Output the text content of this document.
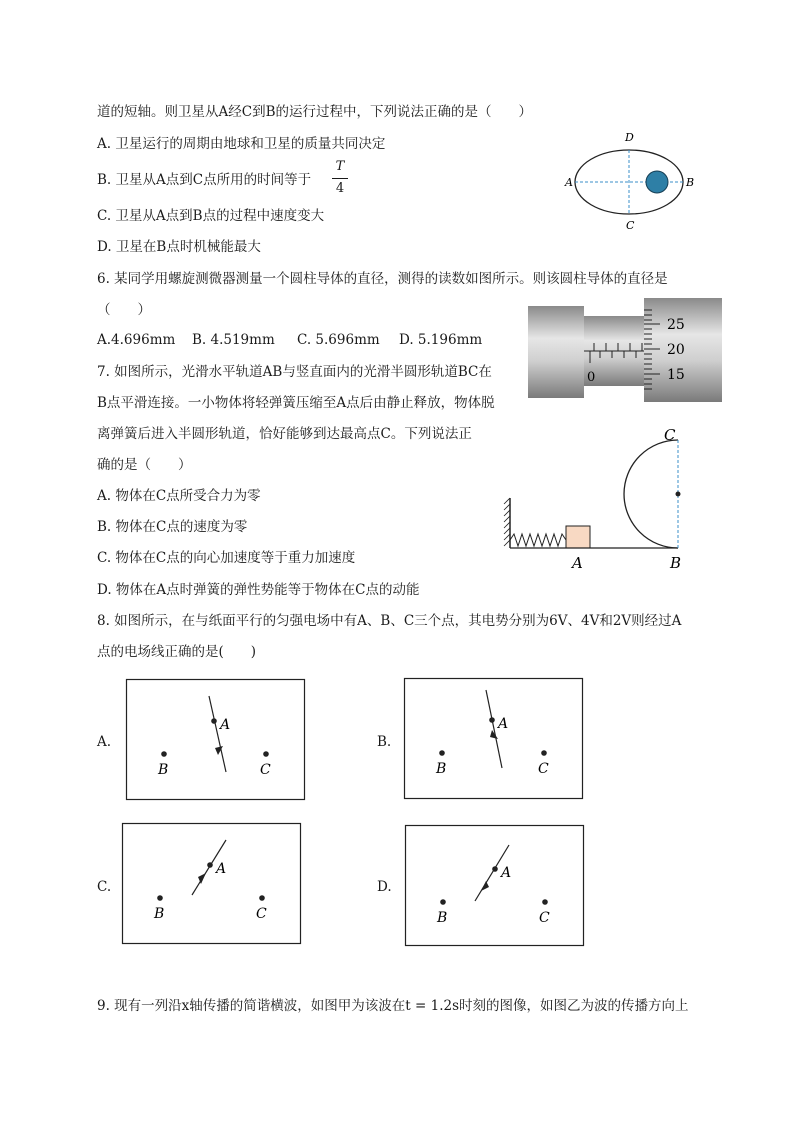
道的短轴。则卫星从A经C到B的运行过程中，下列说法正确的是（　　）
A. 卫星运行的周期由地球和卫星的质量共同决定
B. 卫星从A点到C点所用的时间等于
T
4
C. 卫星从A点到B点的过程中速度变大
D. 卫星在B点时机械能最大
D
A	B
C
6. 某同学用螺旋测微器测量一个圆柱导体的直径，测得的读数如图所示。则该圆柱导体的直径是
（　　）
A.4.696mm B. 4.519mm C. 5.696mm D. 5.196mm
0
25
20
15
7. 如图所示，光滑水平轨道AB与竖直面内的光滑半圆形轨道BC在
B点平滑连接。一小物体将轻弹簧压缩至A点后由静止释放，物体脱
离弹簧后进入半圆形轨道，恰好能够到达最高点C。下列说法正
确的是（　　）
A. 物体在C点所受合力为零
B. 物体在C点的速度为零
C. 物体在C点的向心加速度等于重力加速度
D. 物体在A点时弹簧的弹性势能等于物体在C点的动能
C
A	B
8. 如图所示，在与纸面平行的匀强电场中有A、B、C三个点，其电势分别为6V、4V和2V则经过A
点的电场线正确的是(　　)
A.
A
B	C
B.
A
B	C
C.
A
B	C
D.
A
B	C
9. 现有一列沿x轴传播的简谐横波，如图甲为该波在t = 1.2s时刻的图像，如图乙为波的传播方向上
